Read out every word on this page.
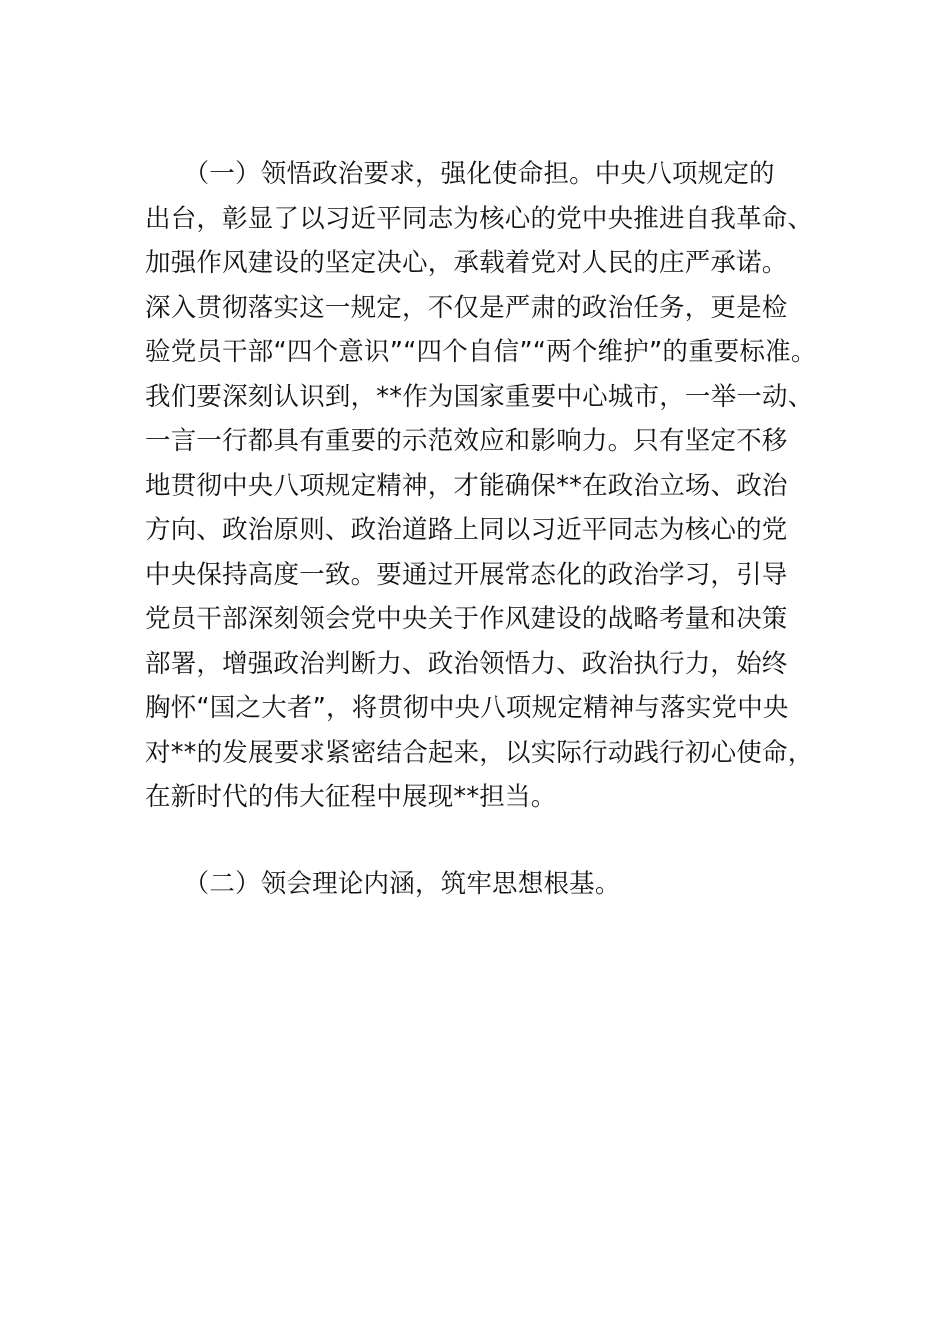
　　（一）领悟政治要求，强化使命担。中央八项规定的
出台，彰显了以习近平同志为核心的党中央推进自我革命、
加强作风建设的坚定决心，承载着党对人民的庄严承诺。
深入贯彻落实这一规定，不仅是严肃的政治任务，更是检
验党员干部“四个意识”“四个自信”“两个维护”的重要标准。
我们要深刻认识到，**作为国家重要中心城市，一举一动、
一言一行都具有重要的示范效应和影响力。只有坚定不移
地贯彻中央八项规定精神，才能确保**在政治立场、政治
方向、政治原则、政治道路上同以习近平同志为核心的党
中央保持高度一致。要通过开展常态化的政治学习，引导
党员干部深刻领会党中央关于作风建设的战略考量和决策
部署，增强政治判断力、政治领悟力、政治执行力，始终
胸怀“国之大者”，将贯彻中央八项规定精神与落实党中央
对**的发展要求紧密结合起来，以实际行动践行初心使命，
在新时代的伟大征程中展现**担当。
　　（二）领会理论内涵，筑牢思想根基。
